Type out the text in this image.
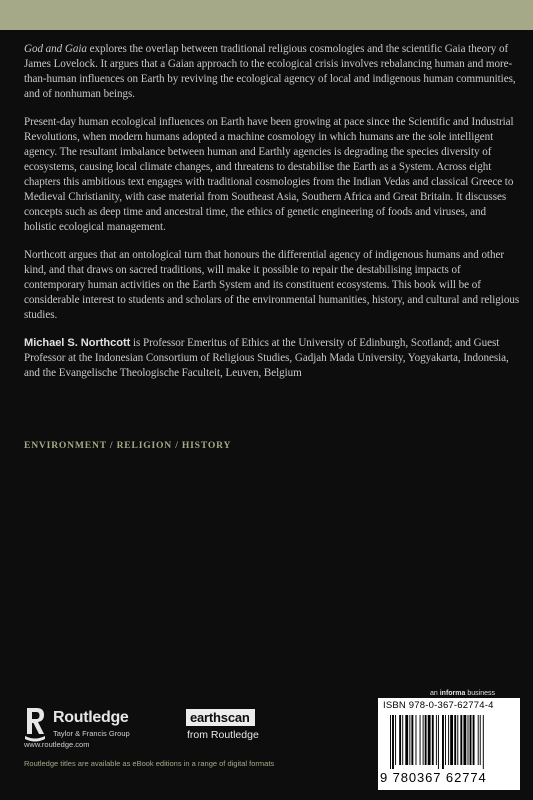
God and Gaia explores the overlap between traditional religious cosmologies and the scientific Gaia theory of James Lovelock. It argues that a Gaian approach to the ecological crisis involves rebalancing human and more-than-human influences on Earth by reviving the ecological agency of local and indigenous human communities, and of nonhuman beings.

Present-day human ecological influences on Earth have been growing at pace since the Scientific and Industrial Revolutions, when modern humans adopted a machine cosmology in which humans are the sole intelligent agency. The resultant imbalance between human and Earthly agencies is degrading the species diversity of ecosystems, causing local climate changes, and threatens to destabilise the Earth as a System. Across eight chapters this ambitious text engages with traditional cosmologies from the Indian Vedas and classical Greece to Medieval Christianity, with case material from Southeast Asia, Southern Africa and Great Britain. It discusses concepts such as deep time and ancestral time, the ethics of genetic engineering of foods and viruses, and holistic ecological management.

Northcott argues that an ontological turn that honours the differential agency of indigenous humans and other kind, and that draws on sacred traditions, will make it possible to repair the destabilising impacts of contemporary human activities on the Earth System and its constituent ecosystems. This book will be of considerable interest to students and scholars of the environmental humanities, history, and cultural and religious studies.

Michael S. Northcott is Professor Emeritus of Ethics at the University of Edinburgh, Scotland; and Guest Professor at the Indonesian Consortium of Religious Studies, Gadjah Mada University, Yogyakarta, Indonesia, and the Evangelische Theologische Faculteit, Leuven, Belgium

ENVIRONMENT / RELIGION / HISTORY
Routledge
Taylor & Francis Group
www.routledge.com
Routledge titles are available as eBook editions in a range of digital formats
earthscan
from Routledge
an informa business
ISBN 978-0-367-62774-4
9 780367 62774
